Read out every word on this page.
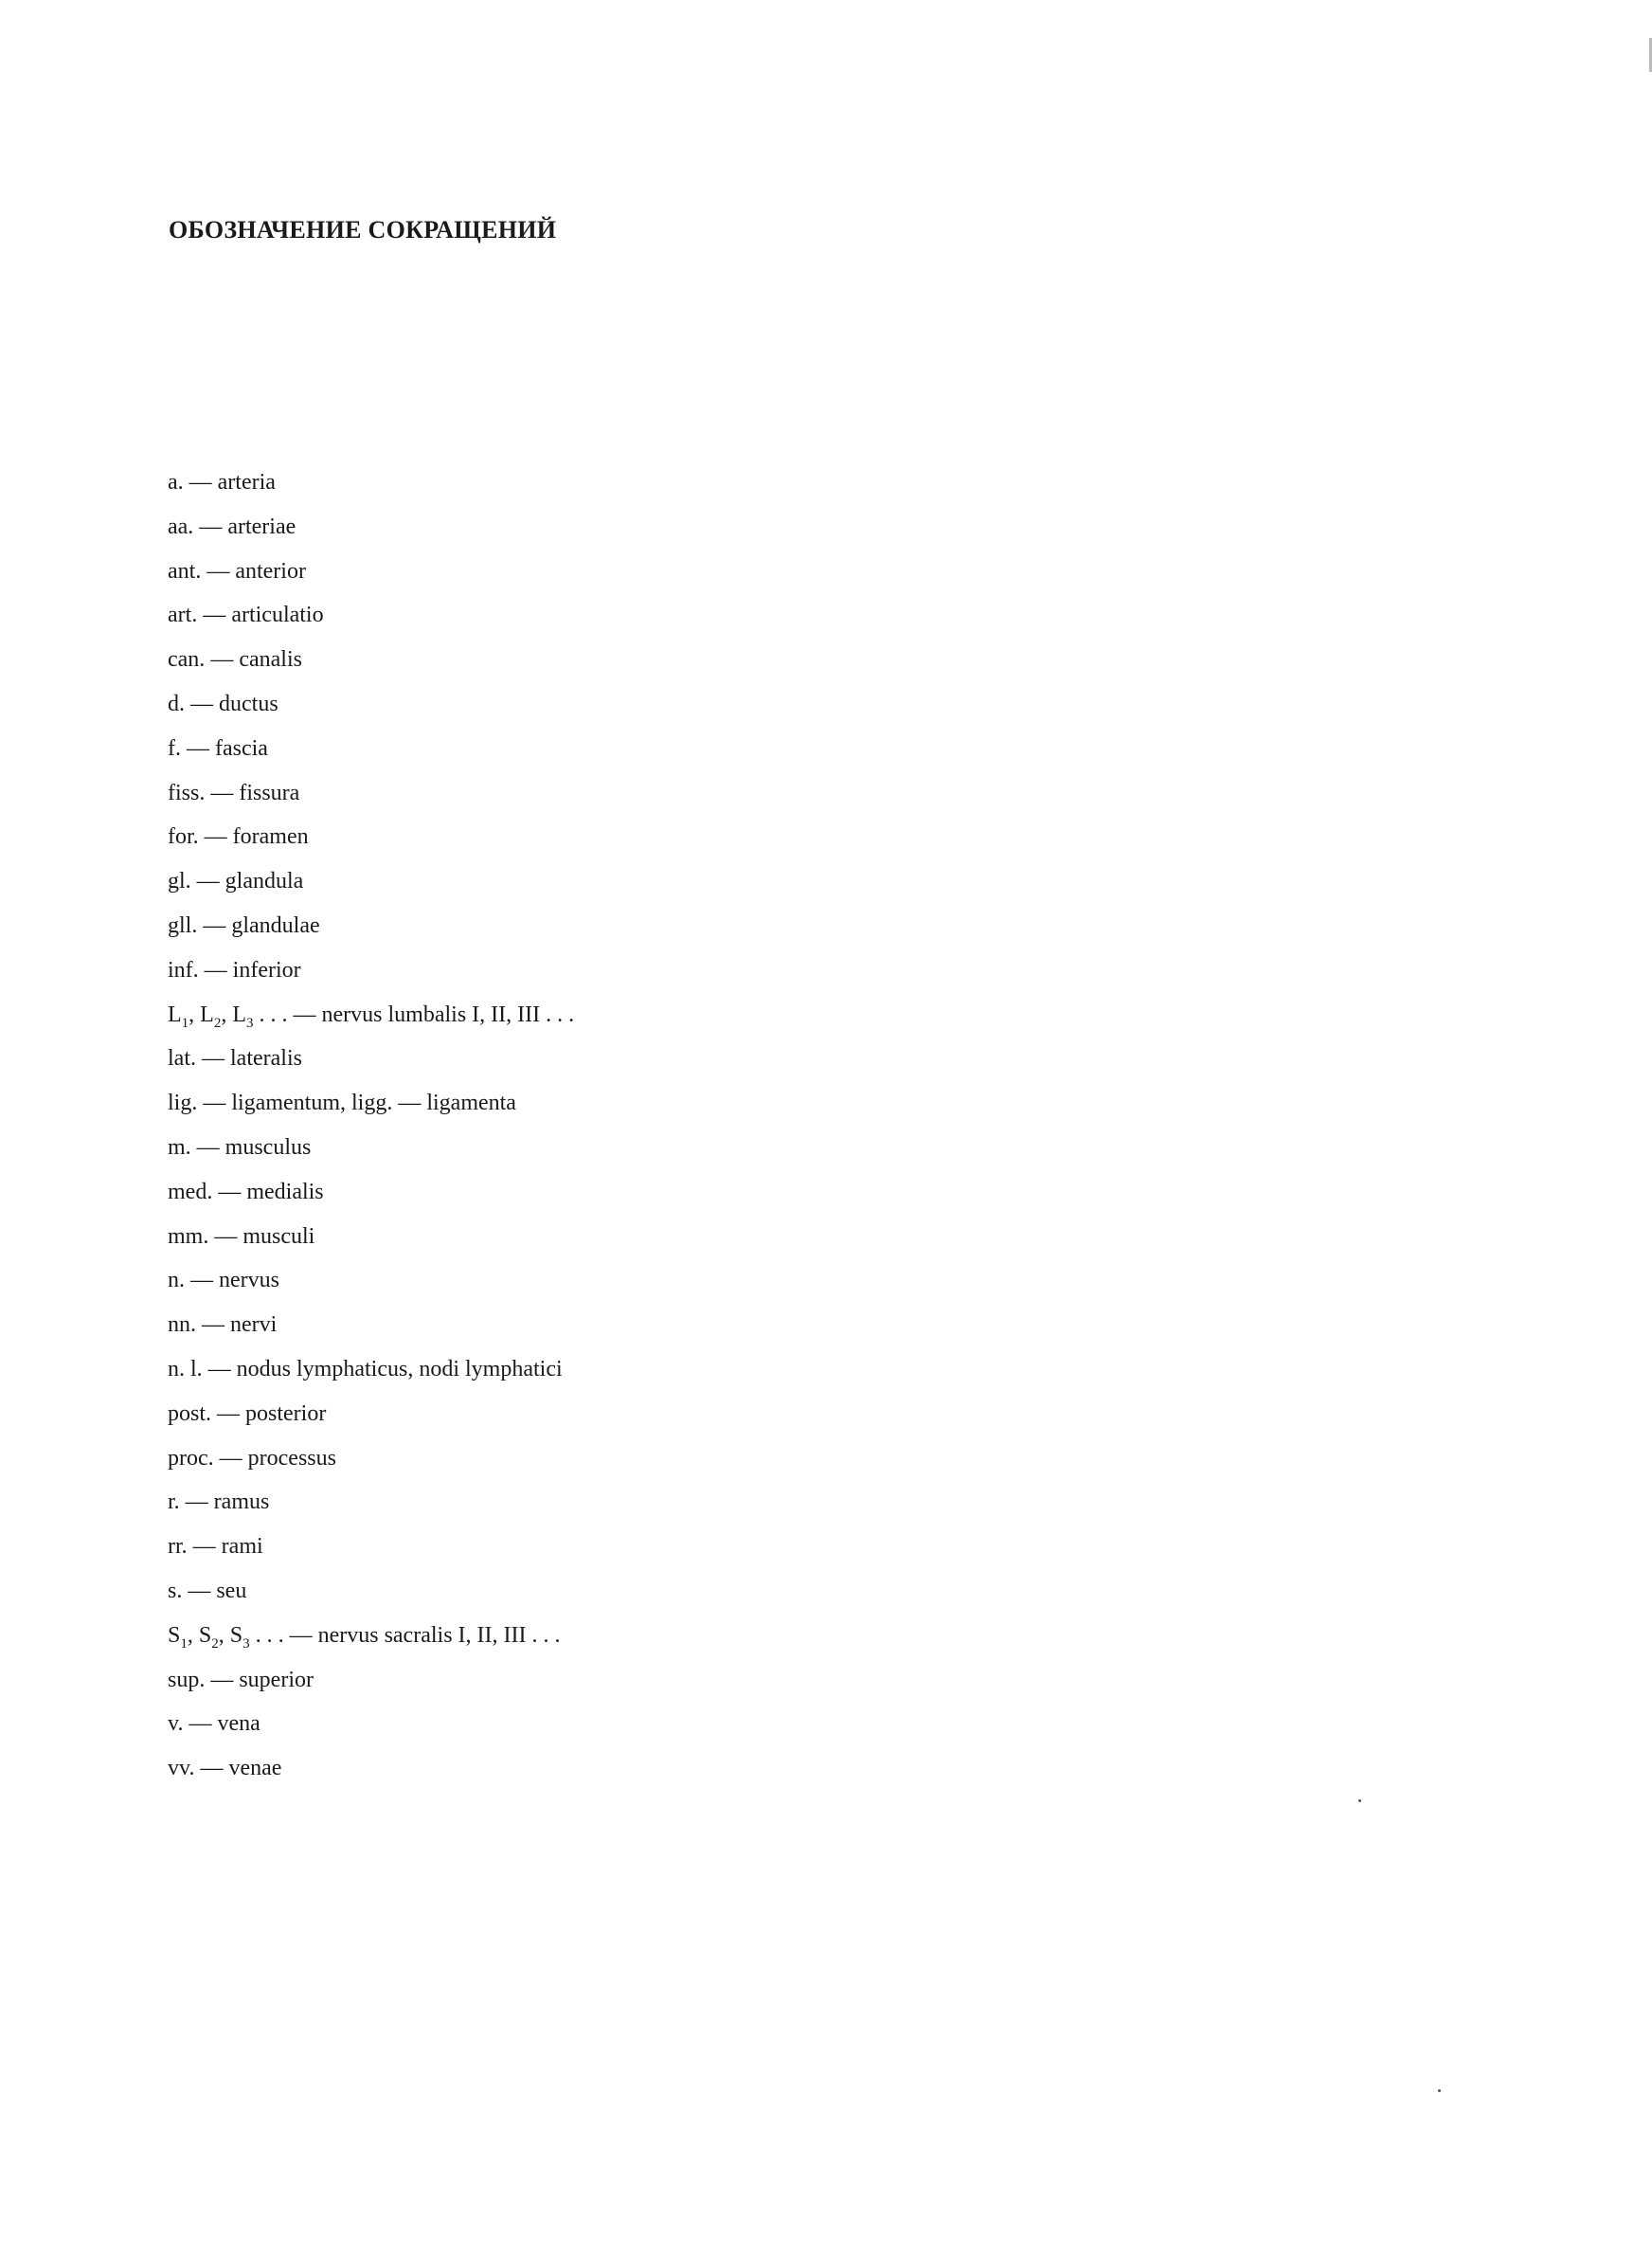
ОБОЗНАЧЕНИЕ СОКРАЩЕНИЙ
a. — arteria
aa. — arteriae
ant. — anterior
art. — articulatio
can. — canalis
d. — ductus
f. — fascia
fiss. — fissura
for. — foramen
gl. — glandula
gll. — glandulae
inf. — inferior
$L_1$, $L_2$, $L_3$ . . . — nervus lumbalis I, II, III . . .
lat. — lateralis
lig. — ligamentum, ligg. — ligamenta
m. — musculus
med. — medialis
mm. — musculi
n. — nervus
nn. — nervi
n. l. — nodus lymphaticus, nodi lymphatici
post. — posterior
proc. — processus
r. — ramus
rr. — rami
s. — seu
$S_1$, $S_2$, $S_3$ . . . — nervus sacralis I, II, III . . .
sup. — superior
v. — vena
vv. — venae
